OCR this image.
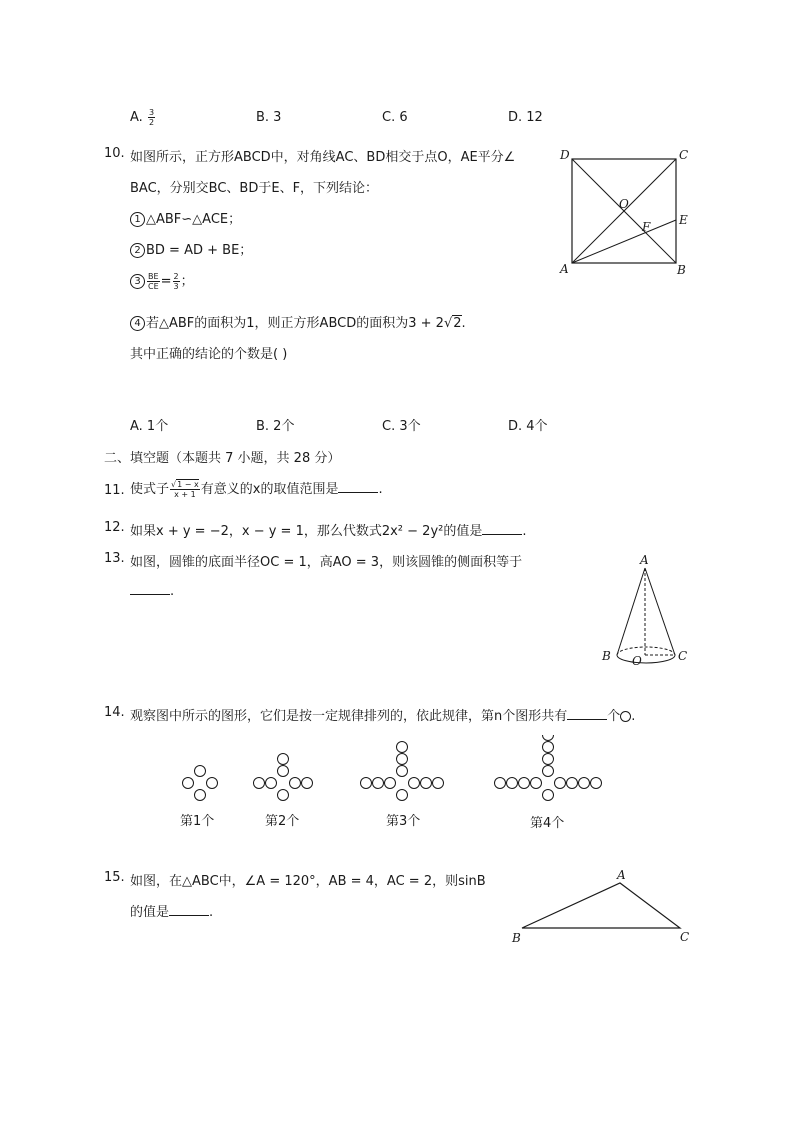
A. $\frac{3}{2}$	B. 3	C. 6	D. 12
10. 如图所示，正方形ABCD中，对角线AC、BD相交于点O，AE平分∠
BAC，分别交BC、BD于E、F，下列结论：
1 △ABF∽△ACE；
2 BD = AD + BE；
$3 \frac{BE}{CE} = \frac{2}{3}$ ；
4 若△ABF的面积为1，则正方形ABCD的面积为3 + 2√2.
其中正确的结论的个数是( )
A. 1个	B. 2个	C. 3个	D. 4个
D	C
A	B
O
F E
二、填空题（本题共 7 小题，共 28 分）
11. 使式子 $\frac{√1 - x}{x + 1}$ 有意义的x的取值范围是	.
12. 如果x + y = −2，x − y = 1，那么代数式2x² − 2y²的值是	.
13. 如图，圆锥的底面半径OC = 1，高AO = 3，则该圆锥的侧面积等于
.
A
B O	C
14. 观察图中所示的图形，它们是按一定规律排列的，依此规律，第n个图形共有	个 .
第1个	第2个	第3个	第4个
15. 如图，在△ABC中，∠A = 120°，AB = 4，AC = 2，则sinB
的值是	.
A
B	C
